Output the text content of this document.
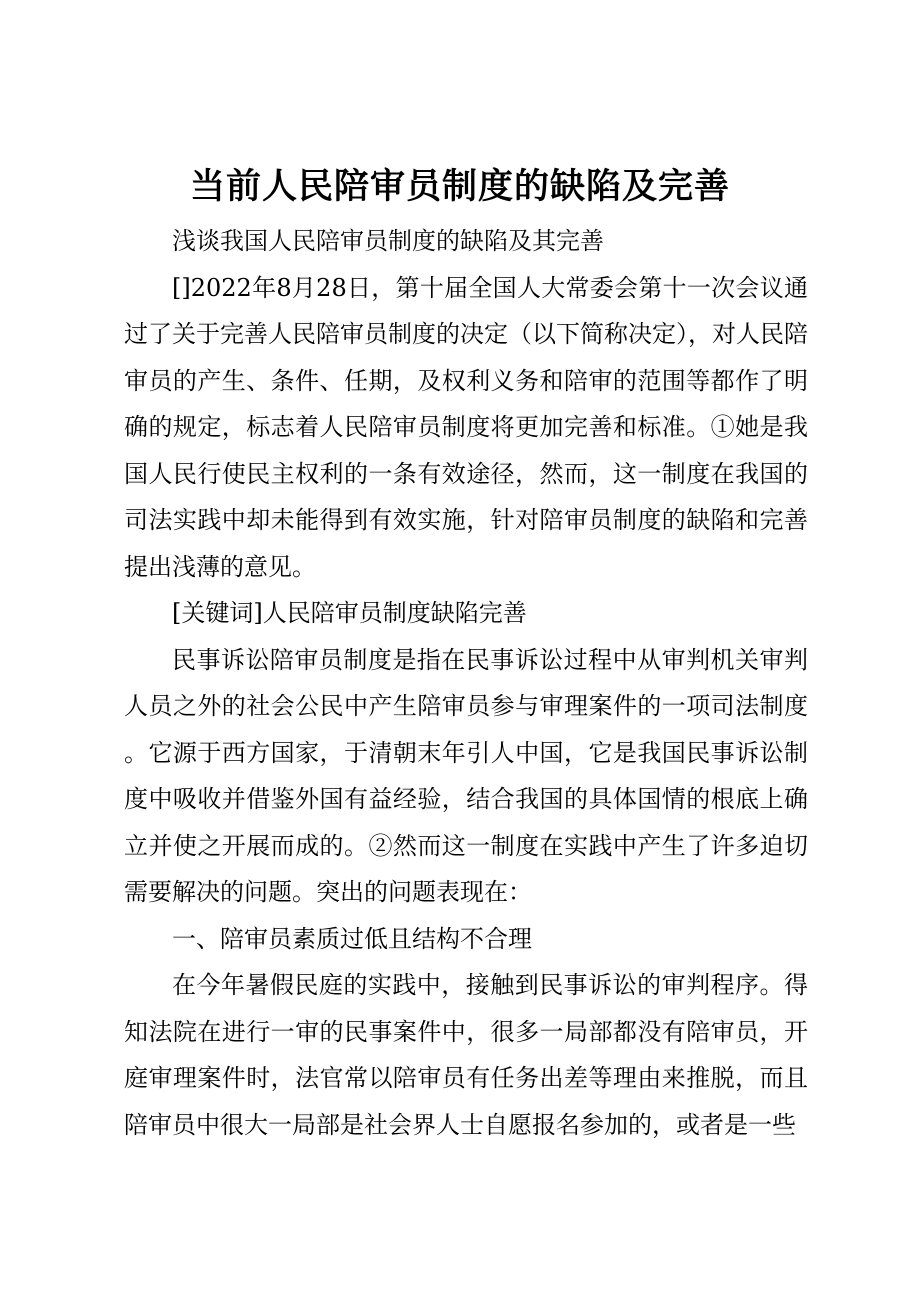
当前人民陪审员制度的缺陷及完善

浅谈我国人民陪审员制度的缺陷及其完善

[]2022年8月28日，第十届全国人大常委会第十一次会议通过了关于完善人民陪审员制度的决定（以下简称决定），对人民陪审员的产生、条件、任期，及权利义务和陪审的范围等都作了明确的规定，标志着人民陪审员制度将更加完善和标准。①她是我国人民行使民主权利的一条有效途径，然而，这一制度在我国的司法实践中却未能得到有效实施，针对陪审员制度的缺陷和完善提出浅薄的意见。

[关键词]人民陪审员制度缺陷完善

民事诉讼陪审员制度是指在民事诉讼过程中从审判机关审判人员之外的社会公民中产生陪审员参与审理案件的一项司法制度。它源于西方国家，于清朝末年引人中国，它是我国民事诉讼制度中吸收并借鉴外国有益经验，结合我国的具体国情的根底上确立并使之开展而成的。②然而这一制度在实践中产生了许多迫切需要解决的问题。突出的问题表现在：

一、陪审员素质过低且结构不合理

在今年暑假民庭的实践中，接触到民事诉讼的审判程序。得知法院在进行一审的民事案件中，很多一局部都没有陪审员，开庭审理案件时，法官常以陪审员有任务出差等理由来推脱，而且陪审员中很大一局部是社会界人士自愿报名参加的，或者是一些
